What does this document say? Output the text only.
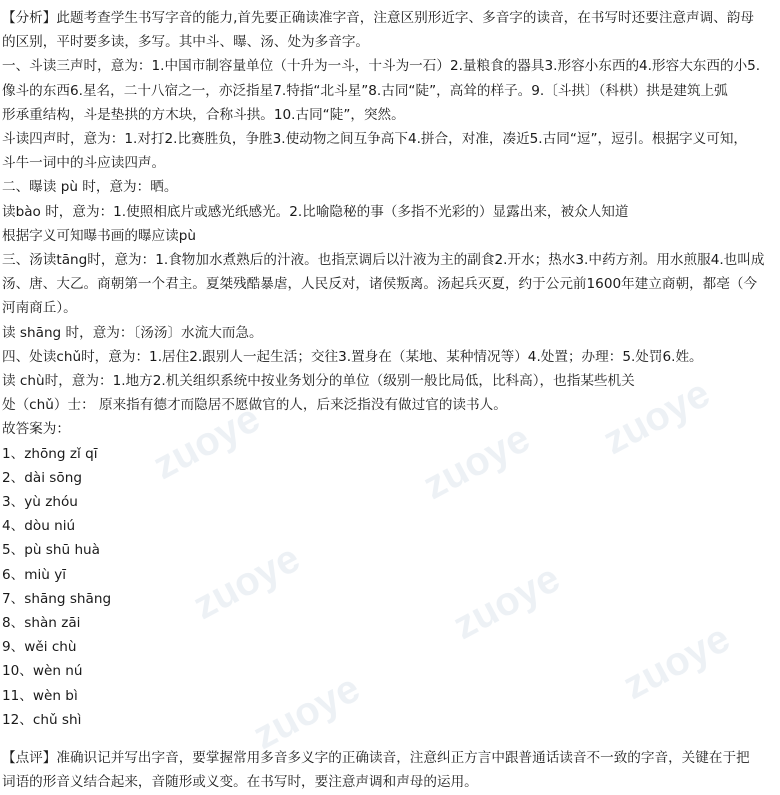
zuoye	zuoye zuoye
zuoye	zuoye
zuoye
zuoye
【分析】此题考查学生书写字音的能力,首先要正确读准字音，注意区别形近字、多音字的读音，在书写时还要注意声调、韵母
的区别，平时要多读，多写。其中斗、曝、汤、处为多音字。
一、斗读三声时，意为：1.中国市制容量单位（十升为一斗，十斗为一石）2.量粮食的器具3.形容小东西的4.形容大东西的小5.
像斗的东西6.星名，二十八宿之一，亦泛指星7.特指“北斗星”8.古同“陡”，高耸的样子。9.〔斗拱〕（科栱）拱是建筑上弧
形承重结构，斗是垫拱的方木块，合称斗拱。10.古同“陡”，突然。
斗读四声时，意为：1.对打2.比赛胜负，争胜3.使动物之间互争高下4.拼合，对准，凑近5.古同“逗”，逗引。根据字义可知，
斗牛一词中的斗应读四声。
二、曝读 pù 时，意为：晒。
读bào 时，意为：1.使照相底片或感光纸感光。2.比喻隐秘的事（多指不光彩的）显露出来，被众人知道
根据字义可知曝书画的曝应读pù
三、汤读tāng时，意为：1.食物加水煮熟后的汁液。也指烹调后以汁液为主的副食2.开水；热水3.中药方剂。用水煎服4.也叫成
汤、唐、大乙。商朝第一个君主。夏桀残酷暴虐，人民反对，诸侯叛离。汤起兵灭夏，约于公元前1600年建立商朝，都亳（今
河南商丘）。
读 shāng 时，意为：〔汤汤〕水流大而急。
四、处读chǔ时，意为：1.居住2.跟别人一起生活；交往3.置身在（某地、某种情况等）4.处置；办理：5.处罚6.姓。
读 chù时，意为：1.地方2.机关组织系统中按业务划分的单位（级别一般比局低，比科高），也指某些机关
处（chǔ）士： 原来指有德才而隐居不愿做官的人，后来泛指没有做过官的读书人。
故答案为：
1、zhōng zǐ qī
2、dài sōng
3、yù zhóu
4、dòu niú
5、pù shū huà
6、miù yī
7、shāng shāng
8、shàn zāi
9、wěi chù
10、wèn nú
11、wèn bì
12、chǔ shì
【点评】准确识记并写出字音，要掌握常用多音多义字的正确读音，注意纠正方言中跟普通话读音不一致的字音，关键在于把
词语的形音义结合起来，音随形或义变。在书写时，要注意声调和声母的运用。
